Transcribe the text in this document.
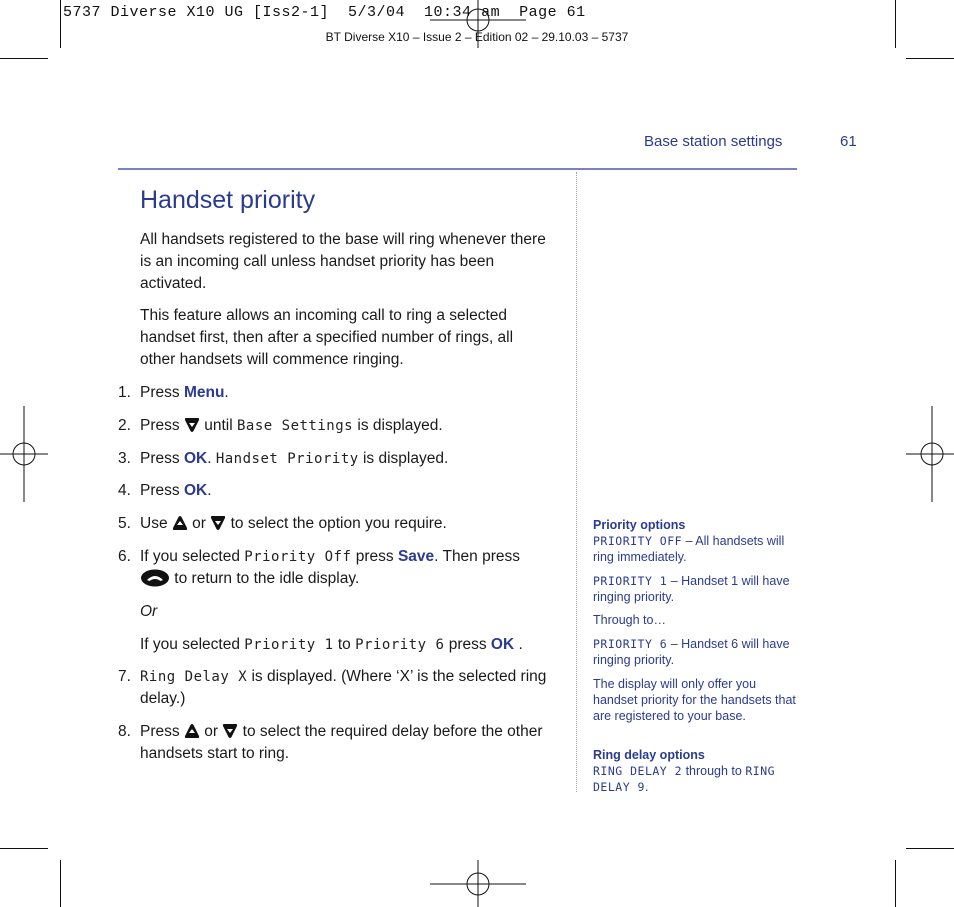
5737 Diverse X10 UG [Iss2-1]  5/3/04  10:34 am  Page 61
BT Diverse X10 – Issue 2 – Edition 02 – 29.10.03 – 5737
Base station settings	61
Handset priority
All handsets registered to the base will ring whenever there is an incoming call unless handset priority has been activated.
This feature allows an incoming call to ring a selected handset first, then after a specified number of rings, all other handsets will commence ringing.
1. Press Menu.
2. Press  until Base Settings is displayed.
3. Press OK. Handset Priority is displayed.
4. Press OK.
5. Use  or  to select the option you require.
6. If you selected Priority Off press Save. Then press
to return to the idle display.
Or
If you selected Priority 1 to Priority 6 press OK .
7. Ring Delay X is displayed. (Where ‘X’ is the selected ring delay.)
8. Press  or  to select the required delay before the other handsets start to ring.
Priority options
PRIORITY OFF – All handsets will ring immediately.
PRIORITY 1 – Handset 1 will have ringing priority.
Through to…
PRIORITY 6 – Handset 6 will have ringing priority.
The display will only offer you handset priority for the handsets that are registered to your base.
Ring delay options
RING DELAY 2 through to RING DELAY 9.
